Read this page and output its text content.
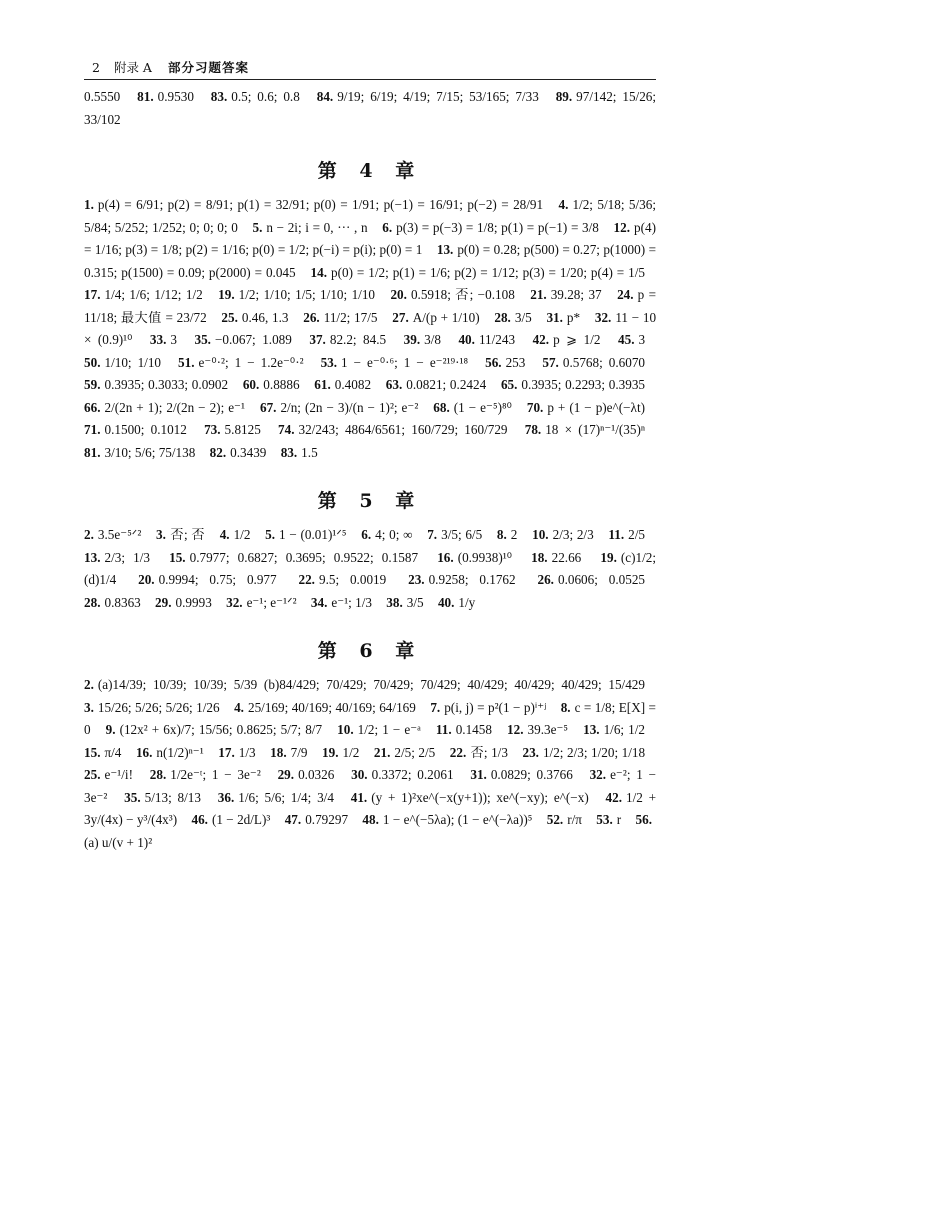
2 附录 A 部分习题答案

0.5550 81. 0.9530 83. 0.5; 0.6; 0.8 84. 9/19; 6/19; 4/19; 7/15; 53/165; 7/33 89. 97/142; 15/26; 33/102

第 4 章

1. p(4) = 6/91; p(2) = 8/91; p(1) = 32/91; p(0) = 1/91; p(−1) = 16/91; p(−2) = 28/91 4. 1/2; 5/18; 5/36; 5/84; 5/252; 1/252; 0; 0; 0; 0 5. n − 2i; i = 0, ··· , n 6. p(3) = p(−3) = 1/8; p(1) = p(−1) = 3/8 12. p(4) = 1/16; p(3) = 1/8; p(2) = 1/16; p(0) = 1/2; p(−i) = p(i); p(0) = 1 13. p(0) = 0.28; p(500) = 0.27; p(1000) = 0.315; p(1500) = 0.09; p(2000) = 0.045 14. p(0) = 1/2; p(1) = 1/6; p(2) = 1/12; p(3) = 1/20; p(4) = 1/5 17. 1/4; 1/6; 1/12; 1/2 19. 1/2; 1/10; 1/5; 1/10; 1/10 20. 0.5918; 否; −0.108 21. 39.28; 37 24. p = 11/18; 最大值 = 23/72 25. 0.46, 1.3 26. 11/2; 17/5 27. A/(p + 1/10) 28. 3/5 31. p* 32. 11 − 10 × (0.9)¹⁰ 33. 3 35. −0.067; 1.089 37. 82.2; 84.5 39. 3/8 40. 11/243 42. p ⩾ 1/2 45. 3 50. 1/10; 1/10 51. e⁻⁰·²; 1 − 1.2e⁻⁰·² 53. 1 − e⁻⁰·⁶; 1 − e⁻²¹⁹·¹⁸ 56. 253 57. 0.5768; 0.6070 59. 0.3935; 0.3033; 0.0902 60. 0.8886 61. 0.4082 63. 0.0821; 0.2424 65. 0.3935; 0.2293; 0.3935 66. 2/(2n + 1); 2/(2n − 2); e⁻¹ 67. 2/n; (2n − 3)/(n − 1)²; e⁻² 68. (1 − e⁻⁵)⁸⁰ 70. p + (1 − p)e^(−λt) 71. 0.1500; 0.1012 73. 5.8125 74. 32/243; 4864/6561; 160/729; 160/729 78. 18 × (17)ⁿ⁻¹/(35)ⁿ 81. 3/10; 5/6; 75/138 82. 0.3439 83. 1.5

第 5 章

2. 3.5e⁻⁵ᐟ² 3. 否; 否 4. 1/2 5. 1 − (0.01)¹ᐟ⁵ 6. 4; 0; ∞ 7. 3/5; 6/5 8. 2 10. 2/3; 2/3 11. 2/5 13. 2/3; 1/3 15. 0.7977; 0.6827; 0.3695; 0.9522; 0.1587 16. (0.9938)¹⁰ 18. 22.66 19. (c)1/2; (d)1/4 20. 0.9994; 0.75; 0.977 22. 9.5; 0.0019 23. 0.9258; 0.1762 26. 0.0606; 0.0525 28. 0.8363 29. 0.9993 32. e⁻¹; e⁻¹ᐟ² 34. e⁻¹; 1/3 38. 3/5 40. 1/y

第 6 章

2. (a)14/39; 10/39; 10/39; 5/39 (b)84/429; 70/429; 70/429; 70/429; 40/429; 40/429; 40/429; 15/429 3. 15/26; 5/26; 5/26; 1/26 4. 25/169; 40/169; 40/169; 64/169 7. p(i, j) = p²(1 − p)ⁱ⁺ʲ 8. c = 1/8; E[X] = 0 9. (12x² + 6x)/7; 15/56; 0.8625; 5/7; 8/7 10. 1/2; 1 − e⁻ᵃ 11. 0.1458 12. 39.3e⁻⁵ 13. 1/6; 1/2 15. π/4 16. n(1/2)ⁿ⁻¹ 17. 1/3 18. 7/9 19. 1/2 21. 2/5; 2/5 22. 否; 1/3 23. 1/2; 2/3; 1/20; 1/18 25. e⁻¹/i! 28. 1/2e⁻ᵗ; 1 − 3e⁻² 29. 0.0326 30. 0.3372; 0.2061 31. 0.0829; 0.3766 32. e⁻²; 1 − 3e⁻² 35. 5/13; 8/13 36. 1/6; 5/6; 1/4; 3/4 41. (y + 1)²xe^(−x(y+1)); xe^(−xy); e^(−x) 42. 1/2 + 3y/(4x) − y³/(4x³) 46. (1 − 2d/L)³ 47. 0.79297 48. 1 − e^(−5λa); (1 − e^(−λa))⁵ 52. r/π 53. r 56.(a) u/(v + 1)²
